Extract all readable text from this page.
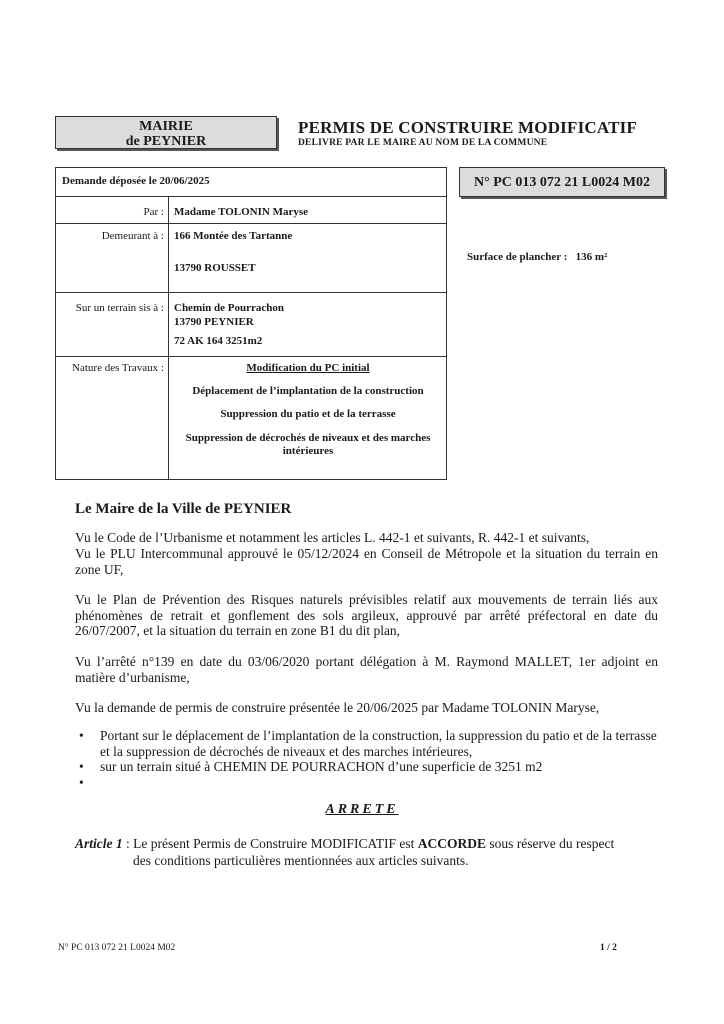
MAIRIE
de PEYNIER
PERMIS DE CONSTRUIRE MODIFICATIF
DELIVRE PAR LE MAIRE AU NOM DE LA COMMUNE
Demande déposée le 20/06/2025
Par : Madame TOLONIN Maryse
Demeurant à : 166 Montée des Tartanne
13790 ROUSSET
Sur un terrain sis à : Chemin de Pourrachon
13790 PEYNIER
72 AK 164 3251m2
Nature des Travaux :	Modification du PC initial
Déplacement de l’implantation de la construction
Suppression du patio et de la terrasse
Suppression de décrochés de niveaux et des marches
intérieures
N° PC 013 072 21 L0024 M02
Surface de plancher : 136 m²
Le Maire de la Ville de PEYNIER
Vu le Code de l’Urbanisme et notamment les articles L. 442-1 et suivants, R. 442-1 et suivants,
Vu le PLU Intercommunal approuvé le 05/12/2024 en Conseil de Métropole et la situation du terrain en zone UF,
Vu le Plan de Prévention des Risques naturels prévisibles relatif aux mouvements de terrain liés aux phénomènes de retrait et gonflement des sols argileux, approuvé par arrêté préfectoral en date du 26/07/2007, et la situation du terrain en zone B1 du dit plan,
Vu l’arrêté n°139 en date du 03/06/2020 portant délégation à M. Raymond MALLET, 1er adjoint en matière d’urbanisme,
Vu la demande de permis de construire présentée le 20/06/2025 par Madame TOLONIN Maryse,
• Portant sur le déplacement de l’implantation de la construction, la suppression du patio et de la terrasse et la suppression de décrochés de niveaux et des marches intérieures,
• sur un terrain situé à CHEMIN DE POURRACHON d’une superficie de 3251 m2
•
ARRETE
Article 1 : Le présent Permis de Construire MODIFICATIF est ACCORDE sous réserve du respect
des conditions particulières mentionnées aux articles suivants.
N° PC 013 072 21 L0024 M02	1 / 2
